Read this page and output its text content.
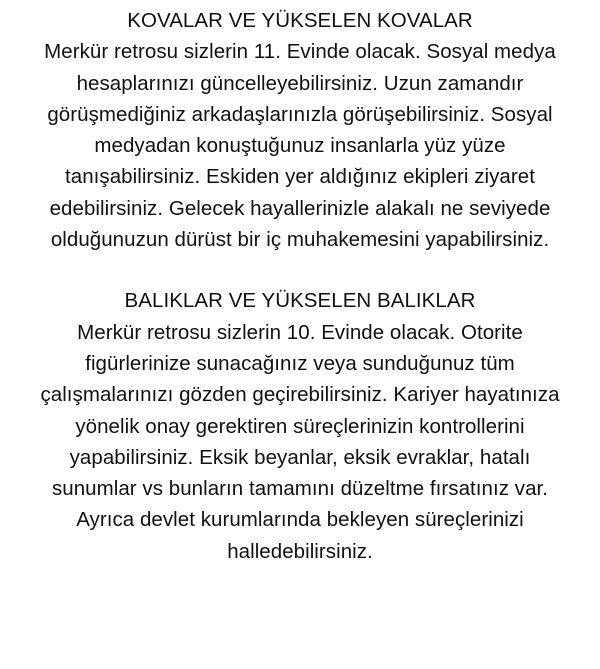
KOVALAR VE YÜKSELEN KOVALAR
Merkür retrosu sizlerin 11. Evinde olacak. Sosyal medya
hesaplarınızı güncelleyebilirsiniz. Uzun zamandır
görüşmediğiniz arkadaşlarınızla görüşebilirsiniz. Sosyal
medyadan konuştuğunuz insanlarla yüz yüze
tanışabilirsiniz. Eskiden yer aldığınız ekipleri ziyaret
edebilirsiniz. Gelecek hayallerinizle alakalı ne seviyede
olduğunuzun dürüst bir iç muhakemesini yapabilirsiniz.
BALIKLAR VE YÜKSELEN BALIKLAR
Merkür retrosu sizlerin 10. Evinde olacak. Otorite
figürlerinize sunacağınız veya sunduğunuz tüm
çalışmalarınızı gözden geçirebilirsiniz. Kariyer hayatınıza
yönelik onay gerektiren süreçlerinizin kontrollerini
yapabilirsiniz. Eksik beyanlar, eksik evraklar, hatalı
sunumlar vs bunların tamamını düzeltme fırsatınız var.
Ayrıca devlet kurumlarında bekleyen süreçlerinizi
halledebilirsiniz.
